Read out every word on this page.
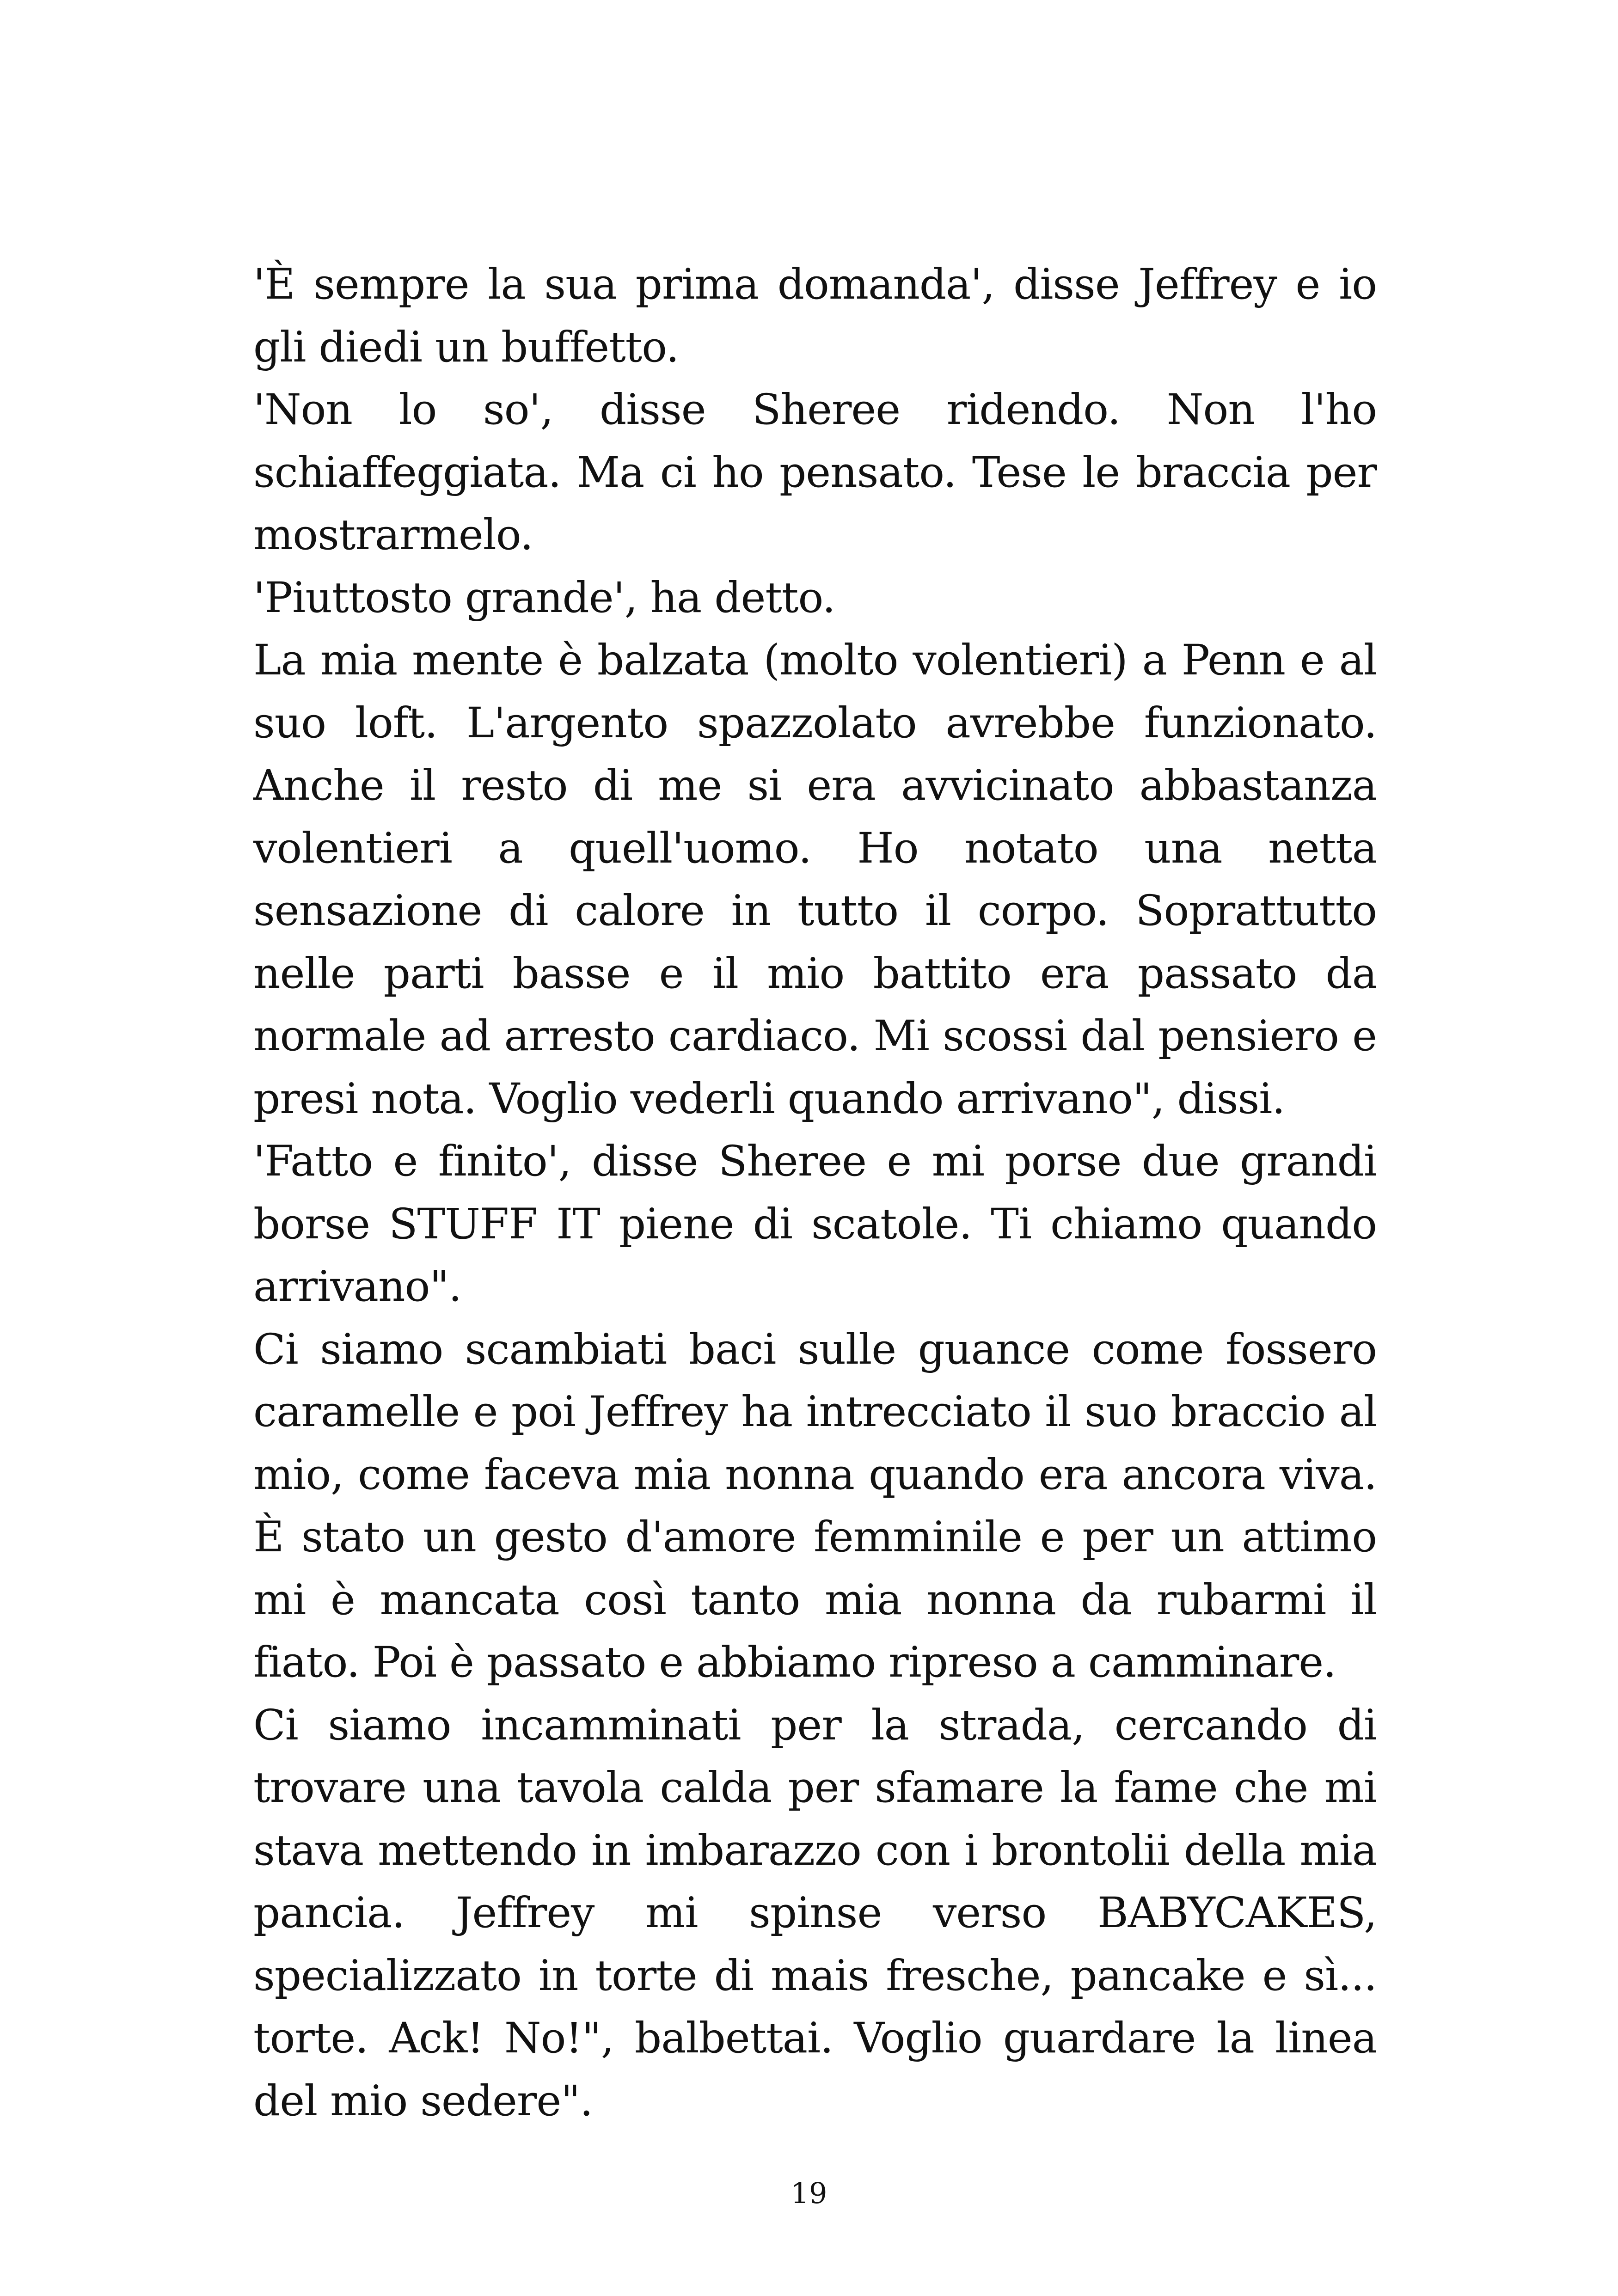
'È sempre la sua prima domanda', disse Jeffrey e io gli diedi un buffetto.

'Non lo so', disse Sheree ridendo. Non l'ho schiaffeggiata. Ma ci ho pensato. Tese le braccia per mostrarmelo.

'Piuttosto grande', ha detto.

La mia mente è balzata (molto volentieri) a Penn e al suo loft. L'argento spazzolato avrebbe funzionato. Anche il resto di me si era avvicinato abbastanza volentieri a quell'uomo. Ho notato una netta sensazione di calore in tutto il corpo. Soprattutto nelle parti basse e il mio battito era passato da normale ad arresto cardiaco. Mi scossi dal pensiero e presi nota. Voglio vederli quando arrivano", dissi.

'Fatto e finito', disse Sheree e mi porse due grandi borse STUFF IT piene di scatole. Ti chiamo quando arrivano".

Ci siamo scambiati baci sulle guance come fossero caramelle e poi Jeffrey ha intrecciato il suo braccio al mio, come faceva mia nonna quando era ancora viva. È stato un gesto d'amore femminile e per un attimo mi è mancata così tanto mia nonna da rubarmi il fiato. Poi è passato e abbiamo ripreso a camminare.

Ci siamo incamminati per la strada, cercando di trovare una tavola calda per sfamare la fame che mi stava mettendo in imbarazzo con i brontolii della mia pancia. Jeffrey mi spinse verso BABYCAKES, specializzato in torte di mais fresche, pancake e sì... torte. Ack! No!", balbettai. Voglio guardare la linea del mio sedere".

19
